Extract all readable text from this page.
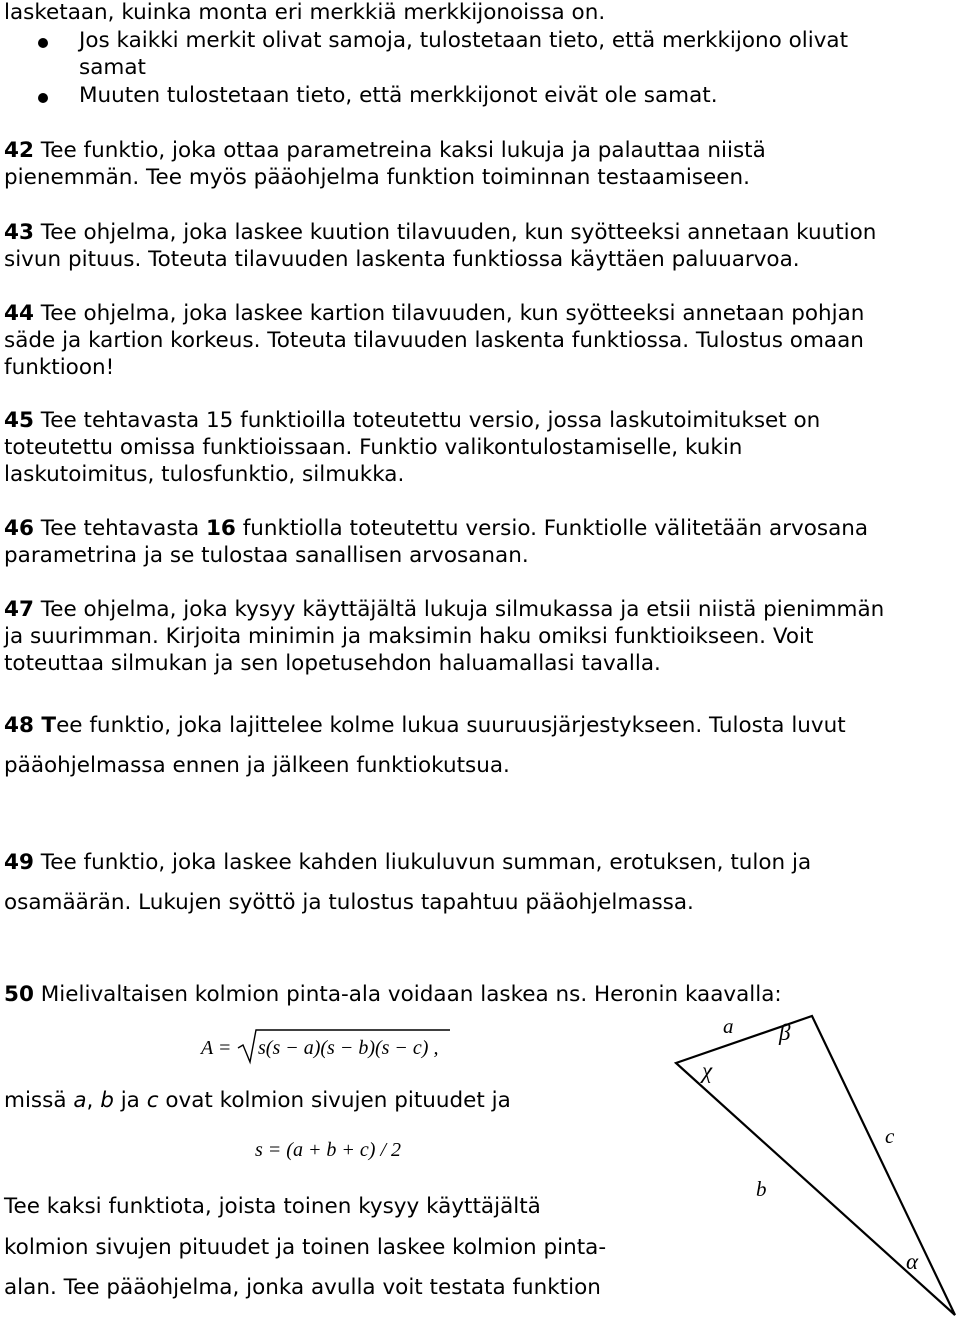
lasketaan, kuinka monta eri merkkiä merkkijonoissa on.

Jos kaikki merkit olivat samoja, tulostetaan tieto, että merkkijono olivat

samat

Muuten tulostetaan tieto, että merkkijonot eivät ole samat.

42 Tee funktio, joka ottaa parametreina kaksi lukuja ja palauttaa niistä
pienemmän. Tee myös pääohjelma funktion toiminnan testaamiseen.
43 Tee ohjelma, joka laskee kuution tilavuuden, kun syötteeksi annetaan kuution
sivun pituus. Toteuta tilavuuden laskenta funktiossa käyttäen paluuarvoa.
44 Tee ohjelma, joka laskee kartion tilavuuden, kun syötteeksi annetaan pohjan
säde ja kartion korkeus. Toteuta tilavuuden laskenta funktiossa. Tulostus omaan
funktioon!
45 Tee tehtavasta 15 funktioilla toteutettu versio, jossa laskutoimitukset on
toteutettu omissa funktioissaan. Funktio valikontulostamiselle, kukin
laskutoimitus, tulosfunktio, silmukka.
46 Tee tehtavasta 16 funktiolla toteutettu versio. Funktiolle välitetään arvosana
parametrina ja se tulostaa sanallisen arvosanan.
47 Tee ohjelma, joka kysyy käyttäjältä lukuja silmukassa ja etsii niistä pienimmän
ja suurimman. Kirjoita minimin ja maksimin haku omiksi funktioikseen. Voit
toteuttaa silmukan ja sen lopetusehdon haluamallasi tavalla.
48 Tee funktio, joka lajittelee kolme lukua suuruusjärjestykseen. Tulosta luvut
pääohjelmassa ennen ja jälkeen funktiokutsua.
49 Tee funktio, joka laskee kahden liukuluvun summan, erotuksen, tulon ja
osamäärän. Lukujen syöttö ja tulostus tapahtuu pääohjelmassa.
50 Mielivaltaisen kolmion pinta-ala voidaan laskea ns. Heronin kaavalla:
A = s(s − a)(s − b)(s − c) ,

missä a, b ja c ovat kolmion sivujen pituudet ja

s = (a + b + c) / 2
Tee kaksi funktiota, joista toinen kysyy käyttäjältä
kolmion sivujen pituudet ja toinen laskee kolmion pinta-
alan. Tee pääohjelma, jonka avulla voit testata funktion
a β
χ
c
b
α
